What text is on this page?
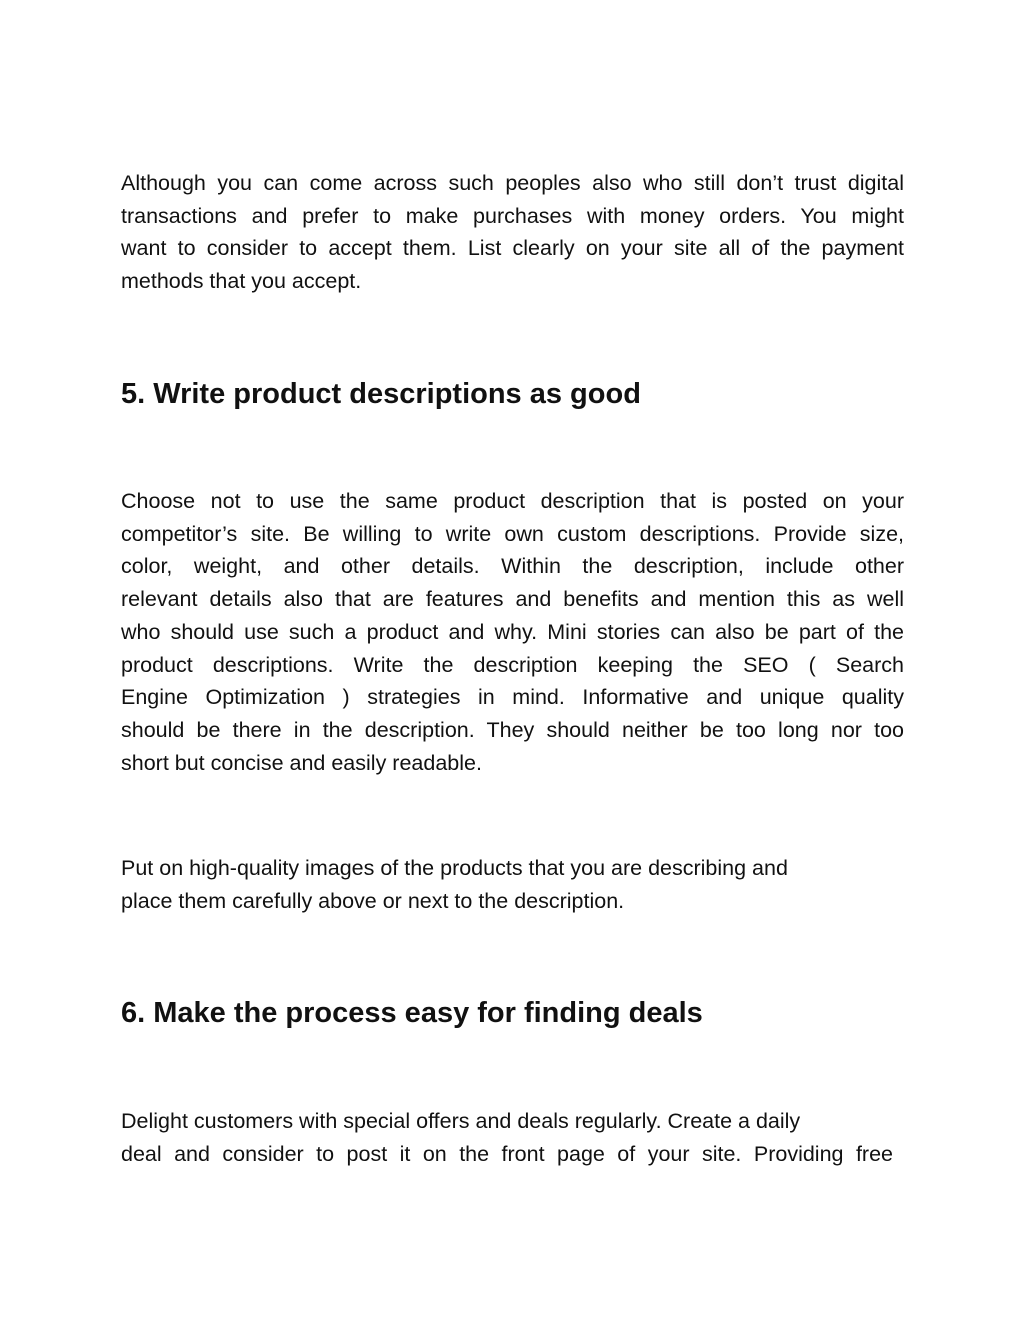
Although you can come across such peoples also who still don’t trust digital
transactions and prefer to make purchases with money orders. You might
want to consider to accept them. List clearly on your site all of the payment
methods that you accept.

5. Write product descriptions as good

Choose not to use the same product description that is posted on your
competitor’s site. Be willing to write own custom descriptions. Provide size,
color, weight, and other details. Within the description, include other
relevant details also that are features and benefits and mention this as well
who should use such a product and why. Mini stories can also be part of the
product descriptions. Write the description keeping the SEO ( Search
Engine Optimization ) strategies in mind. Informative and unique quality
should be there in the description. They should neither be too long nor too
short but concise and easily readable.

Put on high-quality images of the products that you are describing and
place them carefully above or next to the description.

6. Make the process easy for finding deals

Delight customers with special offers and deals regularly. Create a daily
deal and consider to post it on the front page of your site. Providing free
